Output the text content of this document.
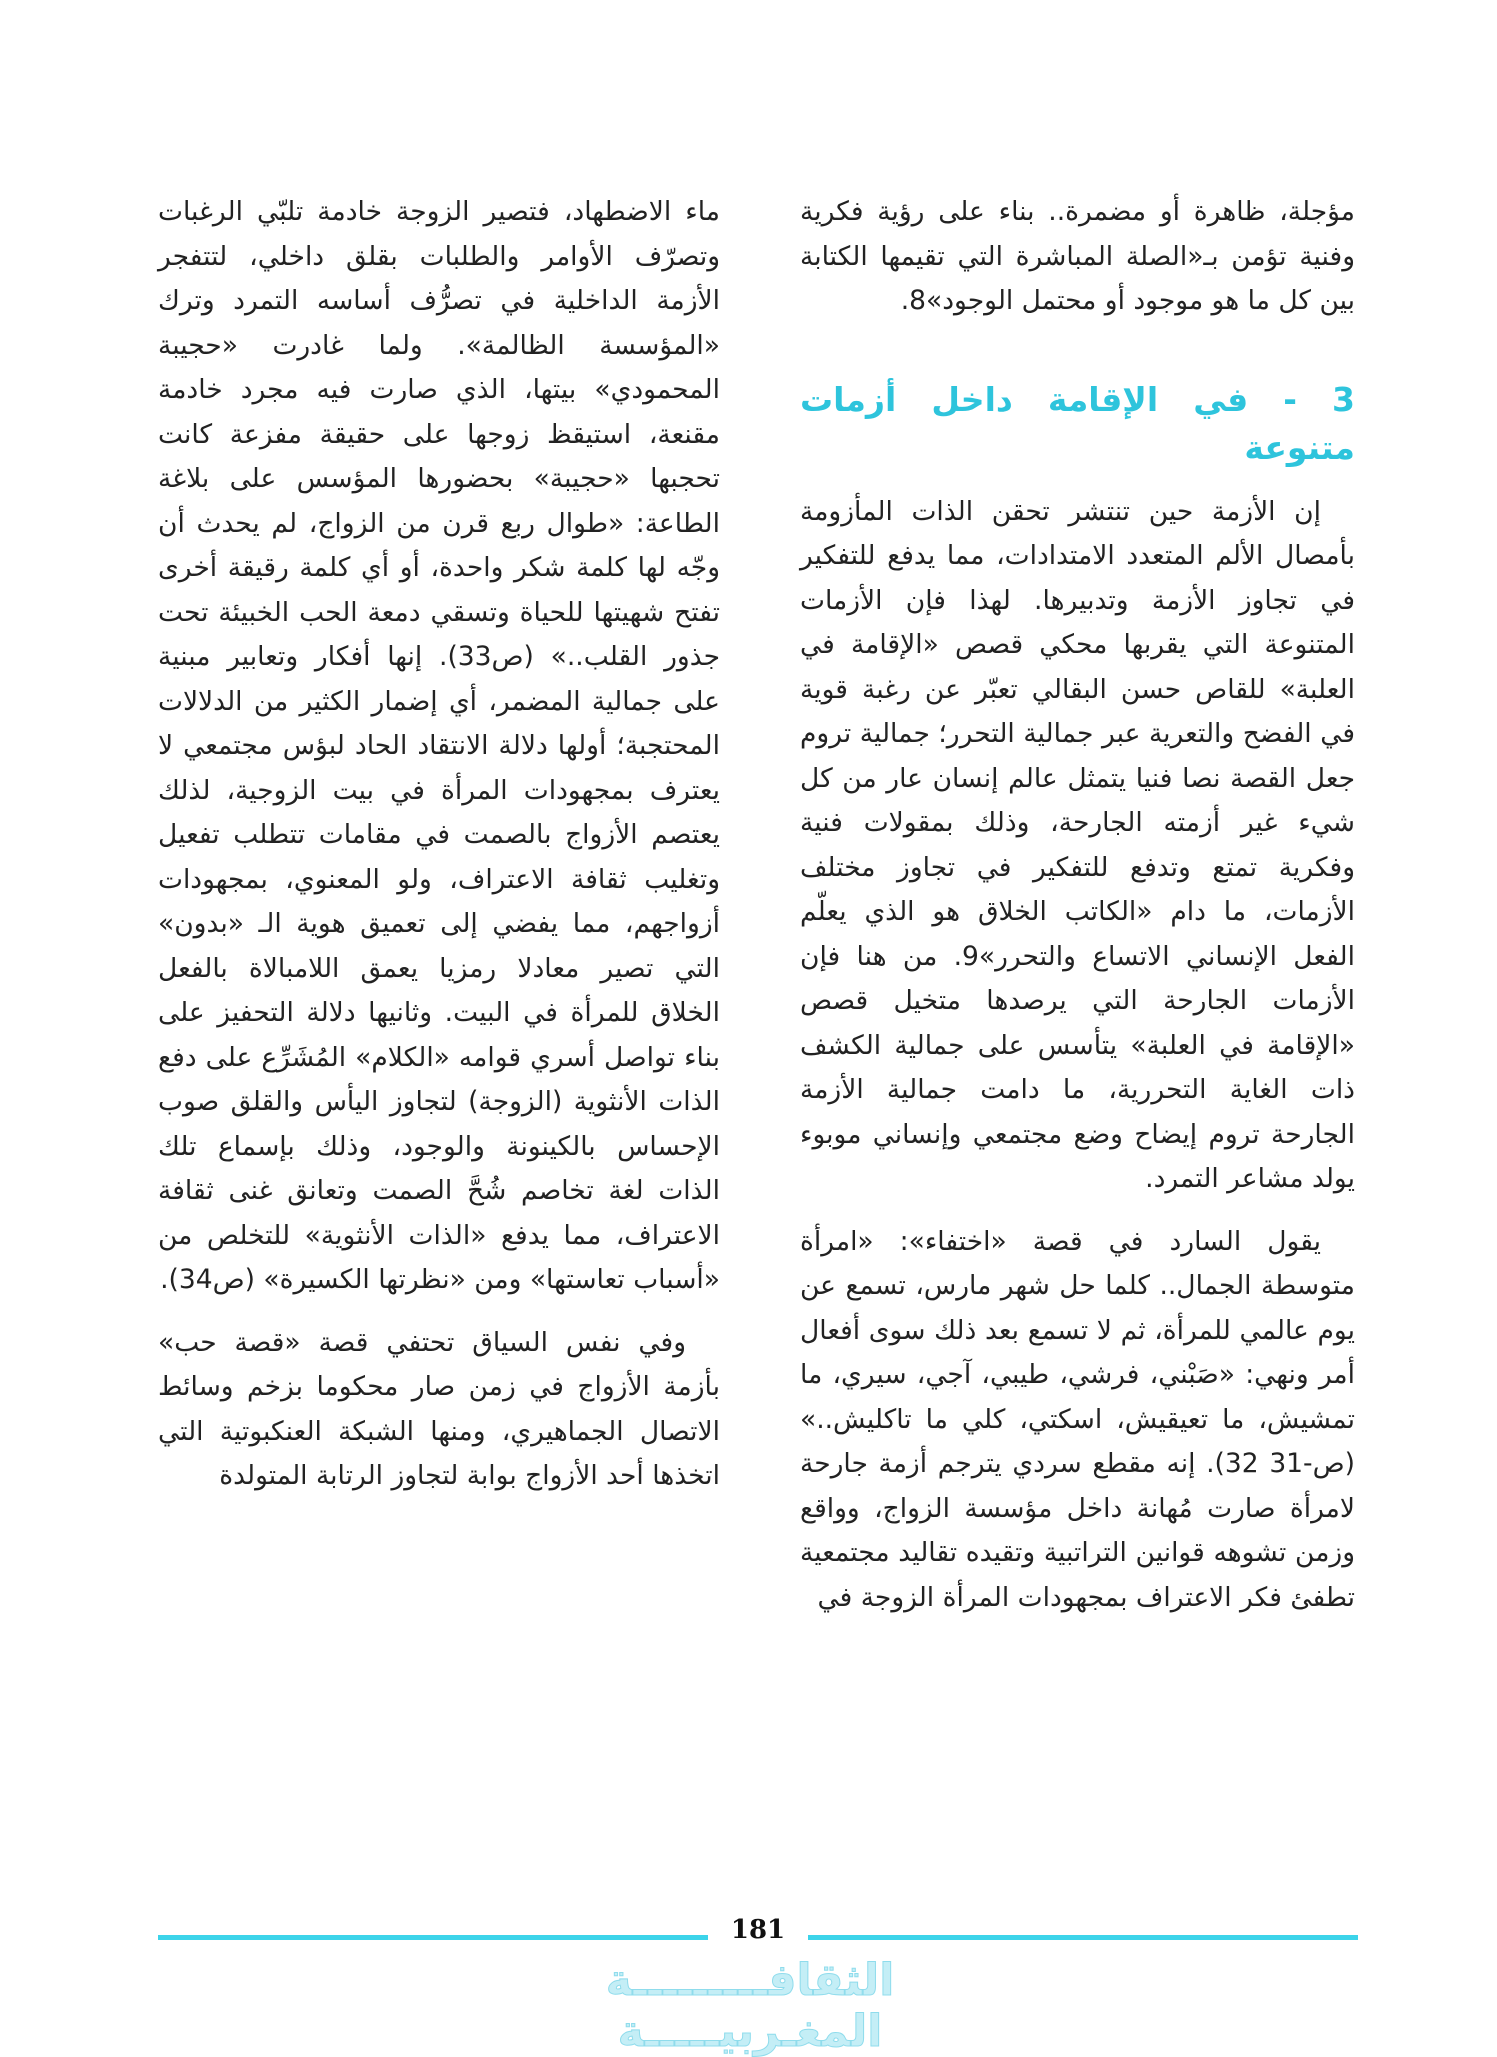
مؤجلة، ظاهرة أو مضمرة.. بناء على رؤية فكرية وفنية تؤمن بـ«الصلة المباشرة التي تقيمها الكتابة بين كل ما هو موجود أو محتمل الوجود»8.

3 - في الإقامة داخل أزمات متنوعة

إن الأزمة حين تنتشر تحقن الذات المأزومة بأمصال الألم المتعدد الامتدادات، مما يدفع للتفكير في تجاوز الأزمة وتدبيرها. لهذا فإن الأزمات المتنوعة التي يقربها محكي قصص «الإقامة في العلبة» للقاص حسن البقالي تعبّر عن رغبة قوية في الفضح والتعرية عبر جمالية التحرر؛ جمالية تروم جعل القصة نصا فنيا يتمثل عالم إنسان عار من كل شيء غير أزمته الجارحة، وذلك بمقولات فنية وفكرية تمتع وتدفع للتفكير في تجاوز مختلف الأزمات، ما دام «الكاتب الخلاق هو الذي يعلّم الفعل الإنساني الاتساع والتحرر»9. من هنا فإن الأزمات الجارحة التي يرصدها متخيل قصص «الإقامة في العلبة» يتأسس على جمالية الكشف ذات الغاية التحررية، ما دامت جمالية الأزمة الجارحة تروم إيضاح وضع مجتمعي وإنساني موبوء يولد مشاعر التمرد.

يقول السارد في قصة «اختفاء»: «امرأة متوسطة الجمال.. كلما حل شهر مارس، تسمع عن يوم عالمي للمرأة، ثم لا تسمع بعد ذلك سوى أفعال أمر ونهي: «صَبْني، فرشي، طيبي، آجي، سيري، ما تمشيش، ما تعيقيش، اسكتي، كلي ما تاكليش..» (ص-31 32). إنه مقطع سردي يترجم أزمة جارحة لامرأة صارت مُهانة داخل مؤسسة الزواج، وواقع وزمن تشوهه قوانين التراتبية وتقيده تقاليد مجتمعية تطفئ فكر الاعتراف بمجهودات المرأة الزوجة في

ماء الاضطهاد، فتصير الزوجة خادمة تلبّي الرغبات وتصرّف الأوامر والطلبات بقلق داخلي، لتتفجر الأزمة الداخلية في تصرُّف أساسه التمرد وترك «المؤسسة الظالمة». ولما غادرت «حجيبة المحمودي» بيتها، الذي صارت فيه مجرد خادمة مقنعة، استيقظ زوجها على حقيقة مفزعة كانت تحجبها «حجيبة» بحضورها المؤسس على بلاغة الطاعة: «طوال ربع قرن من الزواج، لم يحدث أن وجّه لها كلمة شكر واحدة، أو أي كلمة رقيقة أخرى تفتح شهيتها للحياة وتسقي دمعة الحب الخبيئة تحت جذور القلب..» (ص33). إنها أفكار وتعابير مبنية على جمالية المضمر، أي إضمار الكثير من الدلالات المحتجبة؛ أولها دلالة الانتقاد الحاد لبؤس مجتمعي لا يعترف بمجهودات المرأة في بيت الزوجية، لذلك يعتصم الأزواج بالصمت في مقامات تتطلب تفعيل وتغليب ثقافة الاعتراف، ولو المعنوي، بمجهودات أزواجهم، مما يفضي إلى تعميق هوية الـ «بدون» التي تصير معادلا رمزيا يعمق اللامبالاة بالفعل الخلاق للمرأة في البيت. وثانيها دلالة التحفيز على بناء تواصل أسري قوامه «الكلام» المُشَرِّع على دفع الذات الأنثوية (الزوجة) لتجاوز اليأس والقلق صوب الإحساس بالكينونة والوجود، وذلك بإسماع تلك الذات لغة تخاصم شُحَّ الصمت وتعانق غنى ثقافة الاعتراف، مما يدفع «الذات الأنثوية» للتخلص من «أسباب تعاستها» ومن «نظرتها الكسيرة» (ص34).

وفي نفس السياق تحتفي قصة «قصة حب» بأزمة الأزواج في زمن صار محكوما بزخم وسائط الاتصال الجماهيري، ومنها الشبكة العنكبوتية التي اتخذها أحد الأزواج بوابة لتجاوز الرتابة المتولدة

181
الثقافـــــــــة المغـربيـــــة
